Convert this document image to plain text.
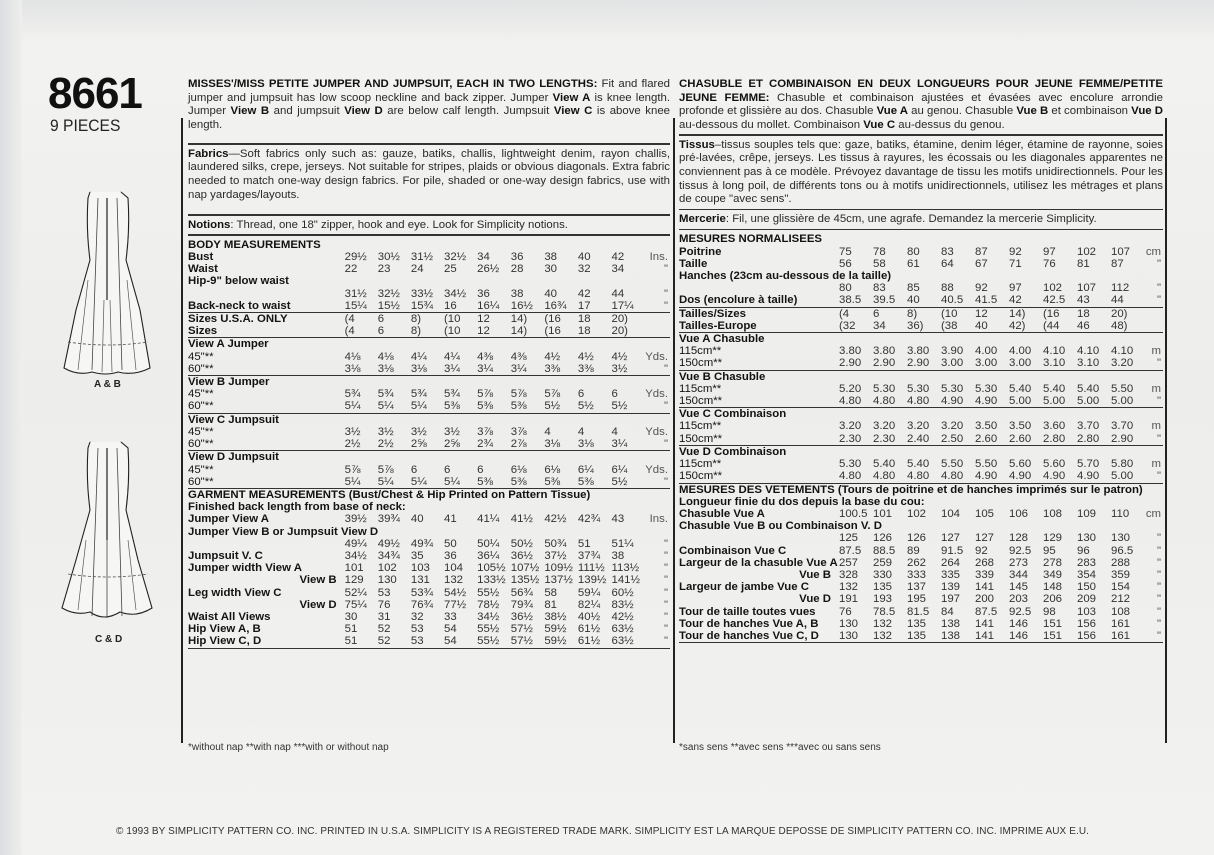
8661
9 PIECES
A & B
C & D

MISSES'/MISS PETITE JUMPER AND JUMPSUIT, EACH IN TWO LENGTHS: Fit and flared jumper and jumpsuit has low scoop neckline and back zipper. Jumper View A is knee length. Jumper View B and jumpsuit View D are below calf length. Jumpsuit View C is above knee length.

Fabrics—Soft fabrics only such as: gauze, batiks, challis, lightweight denim, rayon challis, laundered silks, crepe, jerseys. Not suitable for stripes, plaids or obvious diagonals. Extra fabric needed to match one-way design fabrics. For pile, shaded or one-way design fabrics, use with nap yardages/layouts.

Notions: Thread, one 18" zipper, hook and eye. Look for Simplicity notions.

BODY MEASUREMENTS										
Bust	29½	30½	31½	32½	34	36	38	40	42	Ins.
Waist	22	23	24	25	26½	28	30	32	34	"
Hip-9" below waist										
	31½	32½	33½	34½	36	38	40	42	44	"
Back-neck to waist	15¼	15½	15¾	16	16¼	16½	16¾	17	17¼	"
Sizes U.S.A. ONLY	(4	6	8)	(10	12	14)	(16	18	20)	
Sizes	(4	6	8)	(10	12	14)	(16	18	20)	
View A Jumper										
45"**	4⅛	4⅛	4¼	4¼	4⅜	4⅜	4½	4½	4½	Yds.
60"**	3⅛	3⅛	3⅛	3¼	3¼	3¼	3⅜	3⅜	3½	"
View B Jumper										
45"**	5¾	5¾	5¾	5¾	5⅞	5⅞	5⅞	6	6	Yds.
60"**	5¼	5¼	5¼	5⅜	5⅜	5⅜	5½	5½	5½	"
View C Jumpsuit										
45"**	3½	3½	3½	3½	3⅞	3⅞	4	4	4	Yds.
60"**	2½	2½	2⅝	2⅝	2¾	2⅞	3⅛	3⅛	3¼	"
View D Jumpsuit										
45"**	5⅞	5⅞	6	6	6	6⅛	6⅛	6¼	6¼	Yds.
60"**	5¼	5¼	5¼	5¼	5⅜	5⅜	5⅜	5⅜	5½	"
GARMENT MEASUREMENTS (Bust/Chest & Hip Printed on Pattern Tissue)										
Finished back length from base of neck:										
Jumper View A	39½	39¾	40	41	41¼	41½	42½	42¾	43	Ins.
Jumper View B or Jumpsuit View D										
	49¼	49½	49¾	50	50¼	50½	50¾	51	51¼	"
Jumpsuit V. C	34½	34¾	35	36	36¼	36½	37½	37¾	38	"
Jumper width View A	101	102	103	104	105½	107½	109½	111½	113½	"
View B	129	130	131	132	133½	135½	137½	139½	141½	"
Leg width View C	52¼	53	53¾	54½	55½	56¾	58	59¼	60½	"
View D	75¼	76	76¾	77½	78½	79¾	81	82¼	83½	"
Waist All Views	30	31	32	33	34½	36½	38½	40½	42½	"
Hip View A, B	51	52	53	54	55½	57½	59½	61½	63½	"
Hip View C, D	51	52	53	54	55½	57½	59½	61½	63½	"

CHASUBLE ET COMBINAISON EN DEUX LONGUEURS POUR JEUNE FEMME/PETITE JEUNE FEMME: Chasuble et combinaison ajustées et évasées avec encolure arrondie profonde et glissière au dos. Chasuble Vue A au genou. Chasuble Vue B et combinaison Vue D au-dessous du mollet. Combinaison Vue C au-dessus du genou.

Tissus–tissus souples tels que: gaze, batiks, étamine, denim léger, étamine de rayonne, soies pré-lavées, crêpe, jerseys. Les tissus à rayures, les écossais ou les diagonales apparentes ne conviennent pas à ce modèle. Prévoyez davantage de tissu les motifs unidirectionnels. Pour les tissus à long poil, de différents tons ou à motifs unidirectionnels, utilisez les métrages et plans de coupe "avec sens".

Mercerie: Fil, une glissière de 45cm, une agrafe. Demandez la mercerie Simplicity.

MESURES NORMALISEES										
Poitrine	75	78	80	83	87	92	97	102	107	cm
Taille	56	58	61	64	67	71	76	81	87	"
Hanches (23cm au-dessous de la taille)										
	80	83	85	88	92	97	102	107	112	"
Dos (encolure à taille)	38.5	39.5	40	40.5	41.5	42	42.5	43	44	"
Tailles/Sizes	(4	6	8)	(10	12	14)	(16	18	20)	
Tailles-Europe	(32	34	36)	(38	40	42)	(44	46	48)	
Vue A Chasuble										
115cm**	3.80	3.80	3.80	3.90	4.00	4.00	4.10	4.10	4.10	m
150cm**	2.90	2.90	2.90	3.00	3.00	3.00	3.10	3.10	3.20	"
Vue B Chasuble										
115cm**	5.20	5.30	5.30	5.30	5.30	5.40	5.40	5.40	5.50	m
150cm**	4.80	4.80	4.80	4.90	4.90	5.00	5.00	5.00	5.00	"
Vue C Combinaison										
115cm**	3.20	3.20	3.20	3.20	3.50	3.50	3.60	3.70	3.70	m
150cm**	2.30	2.30	2.40	2.50	2.60	2.60	2.80	2.80	2.90	"
Vue D Combinaison										
115cm**	5.30	5.40	5.40	5.50	5.50	5.60	5.60	5.70	5.80	m
150cm**	4.80	4.80	4.80	4.80	4.90	4.90	4.90	4.90	5.00	"
MESURES DES VETEMENTS (Tours de poitrine et de hanches imprimés sur le patron)										
Longueur finie du dos depuis la base du cou:										
Chasuble Vue A	100.5	101	102	104	105	106	108	109	110	cm
Chasuble Vue B ou Combinaison V. D										
	125	126	126	127	127	128	129	130	130	"
Combinaison Vue C	87.5	88.5	89	91.5	92	92.5	95	96	96.5	"
Largeur de la chasuble Vue A	257	259	262	264	268	273	278	283	288	"
Vue B	328	330	333	335	339	344	349	354	359	"
Largeur de jambe Vue C	132	135	137	139	141	145	148	150	154	"
Vue D	191	193	195	197	200	203	206	209	212	"
Tour de taille toutes vues	76	78.5	81.5	84	87.5	92.5	98	103	108	"
Tour de hanches Vue A, B	130	132	135	138	141	146	151	156	161	"
Tour de hanches Vue C, D	130	132	135	138	141	146	151	156	161	"

*without nap **with nap ***with or without nap	*sans sens **avec sens ***avec ou sans sens
© 1993 BY SIMPLICITY PATTERN CO. INC. PRINTED IN U.S.A. SIMPLICITY IS A REGISTERED TRADE MARK. SIMPLICITY EST LA MARQUE DEPOSSE DE SIMPLICITY PATTERN CO. INC. IMPRIME AUX E.U.
